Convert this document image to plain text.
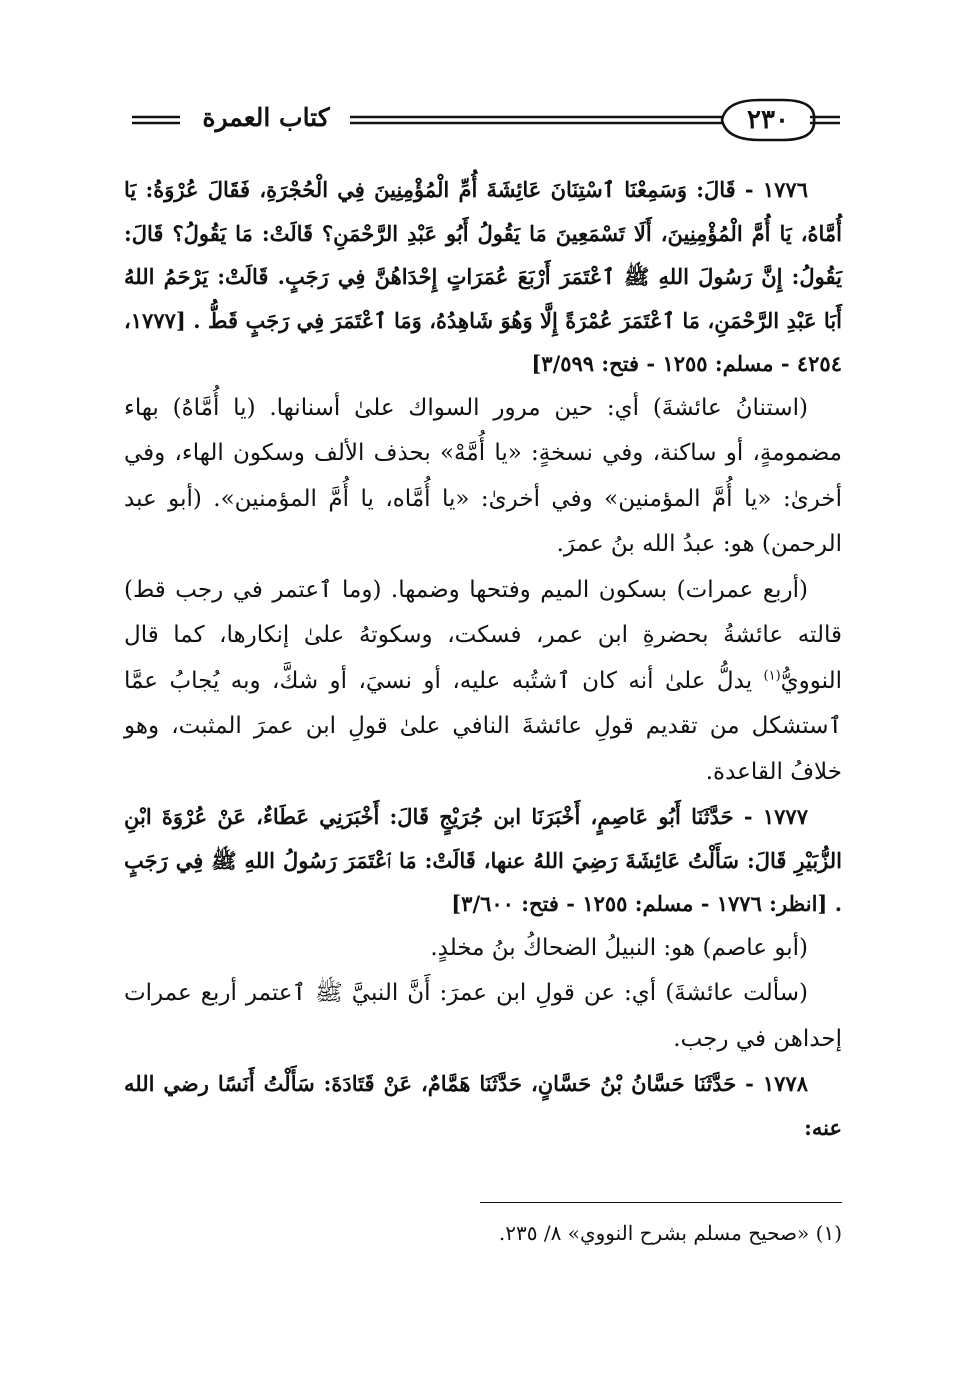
كتاب العمرة	٢٣٠

١٧٧٦ - قَالَ: وَسَمِعْنَا ٱسْتِنَانَ عَائِشَةَ أُمِّ الْمُؤْمِنِينَ فِي الْحُجْرَةِ، فَقَالَ عُرْوَةُ: يَا أُمَّاهُ، يَا أُمَّ الْمُؤْمِنِينَ، أَلَا تَسْمَعِينَ مَا يَقُولُ أَبُو عَبْدِ الرَّحْمَنِ؟ قَالَتْ: مَا يَقُولُ؟ قَالَ: يَقُولُ: إِنَّ رَسُولَ اللهِ ﷺ ٱعْتَمَرَ أَرْبَعَ عُمَرَاتٍ إِحْدَاهُنَّ فِي رَجَبٍ. قَالَتْ: يَرْحَمُ اللهُ أَبَا عَبْدِ الرَّحْمَنِ، مَا ٱعْتَمَرَ عُمْرَةً إِلَّا وَهُوَ شَاهِدُهُ، وَمَا ٱعْتَمَرَ فِي رَجَبٍ قَطُّ . [١٧٧٧، ٤٢٥٤ - مسلم: ١٢٥٥ - فتح: ٣/٥٩٩]

(استنانُ عائشةَ) أي: حين مرور السواك علىٰ أسنانها. (يا أُمَّاهُ) بهاء مضمومةٍ، أو ساكنة، وفي نسخةٍ: «يا أُمَّهْ» بحذف الألف وسكون الهاء، وفي أخرىٰ: «يا أُمَّ المؤمنين» وفي أخرىٰ: «يا أُمَّاه، يا أُمَّ المؤمنين». (أبو عبد الرحمن) هو: عبدُ الله بنُ عمرَ.

(أربع عمرات) بسكون الميم وفتحها وضمها. (وما ٱعتمر في رجب قط) قالته عائشةُ بحضرةِ ابن عمر، فسكت، وسكوتهُ علىٰ إنكارها، كما قال النوويُّ$^{(١)}$ يدلُّ علىٰ أنه كان ٱشتُبه عليه، أو نسيَ، أو شكَّ، وبه يُجابُ عمَّا ٱستشكل من تقديم قولِ عائشةَ النافي علىٰ قولِ ابن عمرَ المثبت، وهو خلافُ القاعدة.

١٧٧٧ - حَدَّثَنَا أَبُو عَاصِمٍ، أَخْبَرَنَا ابن جُرَيْجٍ قَالَ: أَخْبَرَنِي عَطَاءٌ، عَنْ عُرْوَةَ ابْنِ الزُّبَيْرِ قَالَ: سَأَلْتُ عَائِشَةَ رَضِيَ اللهُ عنها، قَالَتْ: مَا ٱعْتَمَرَ رَسُولُ اللهِ ﷺ فِي رَجَبٍ . [انظر: ١٧٧٦ - مسلم: ١٢٥٥ - فتح: ٣/٦٠٠]

(أبو عاصم) هو: النبيلُ الضحاكُ بنُ مخلدٍ.

(سألت عائشةَ) أي: عن قولِ ابن عمرَ: أَنَّ النبيَّ ﷺ ٱعتمر أربع عمرات إحداهن في رجب.

١٧٧٨ - حَدَّثَنَا حَسَّانُ بْنُ حَسَّانٍ، حَدَّثَنَا هَمَّامٌ، عَنْ قَتَادَةَ: سَأَلْتُ أَنَسًا رضي الله عنه:

(١) «صحيح مسلم بشرح النووي» ٨/ ٢٣٥.
